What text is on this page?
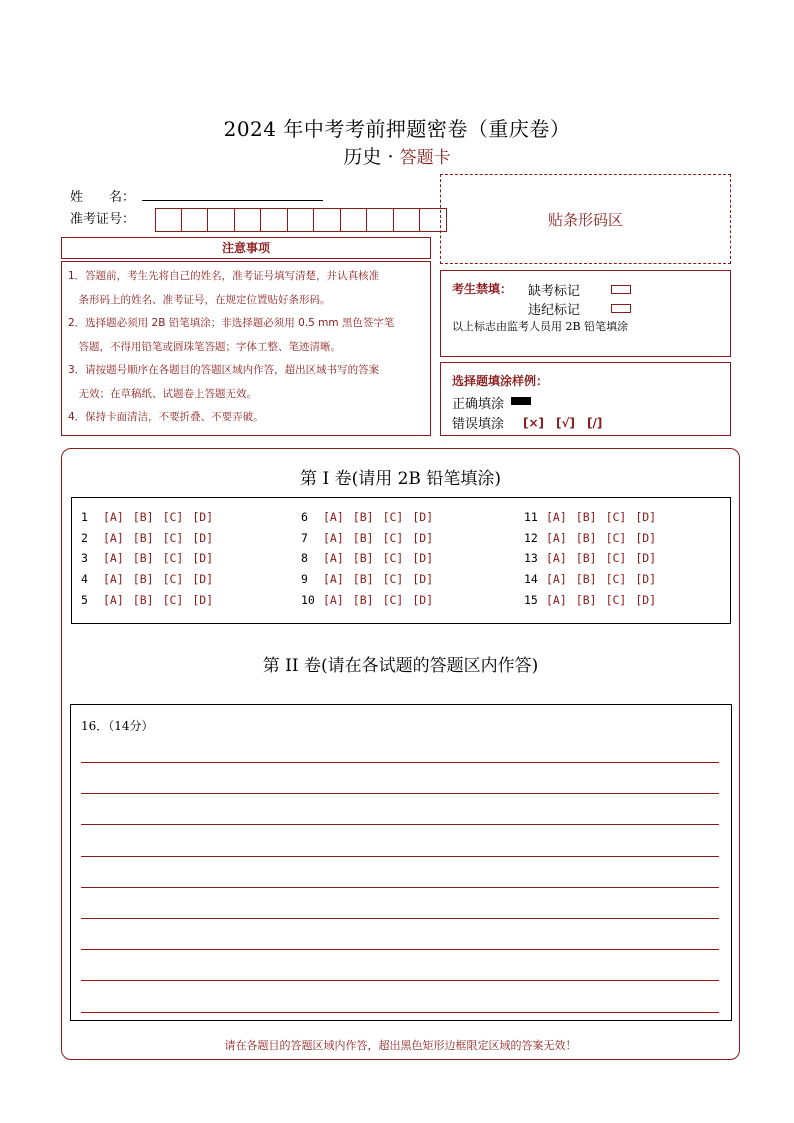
2024 年中考考前押题密卷（重庆卷）
历史 · 答题卡
姓　　名：
准考证号：
注意事项
1．答题前，考生先将自己的姓名，准考证号填写清楚，并认真核准
　条形码上的姓名、准考证号，在规定位置贴好条形码。
2．选择题必须用 2B 铅笔填涂；非选择题必须用 0.5 mm 黑色签字笔
　答题，不得用铅笔或圆珠笔答题；字体工整、笔迹清晰。
3．请按题号顺序在各题目的答题区域内作答，超出区域书写的答案
　无效；在草稿纸、试题卷上答题无效。
4．保持卡面清洁，不要折叠、不要弄破。
贴条形码区
考生禁填： 缺考标记
违纪标记
以上标志由监考人员用 2B 铅笔填涂
选择题填涂样例：
正确填涂
错误填涂 [×]　[√]　[/]
第 I 卷(请用 2B 铅笔填涂)
1 [A] [B] [C] [D]
2 [A] [B] [C] [D]
3 [A] [B] [C] [D]
4 [A] [B] [C] [D]
5 [A] [B] [C] [D]
6 [A] [B] [C] [D]
7 [A] [B] [C] [D]
8 [A] [B] [C] [D]
9 [A] [B] [C] [D]
10 [A] [B] [C] [D]
11 [A] [B] [C] [D]
12 [A] [B] [C] [D]
13 [A] [B] [C] [D]
14 [A] [B] [C] [D]
15 [A] [B] [C] [D]
第 II 卷(请在各试题的答题区内作答)
16．（14分）
请在各题目的答题区域内作答，超出黑色矩形边框限定区域的答案无效！
